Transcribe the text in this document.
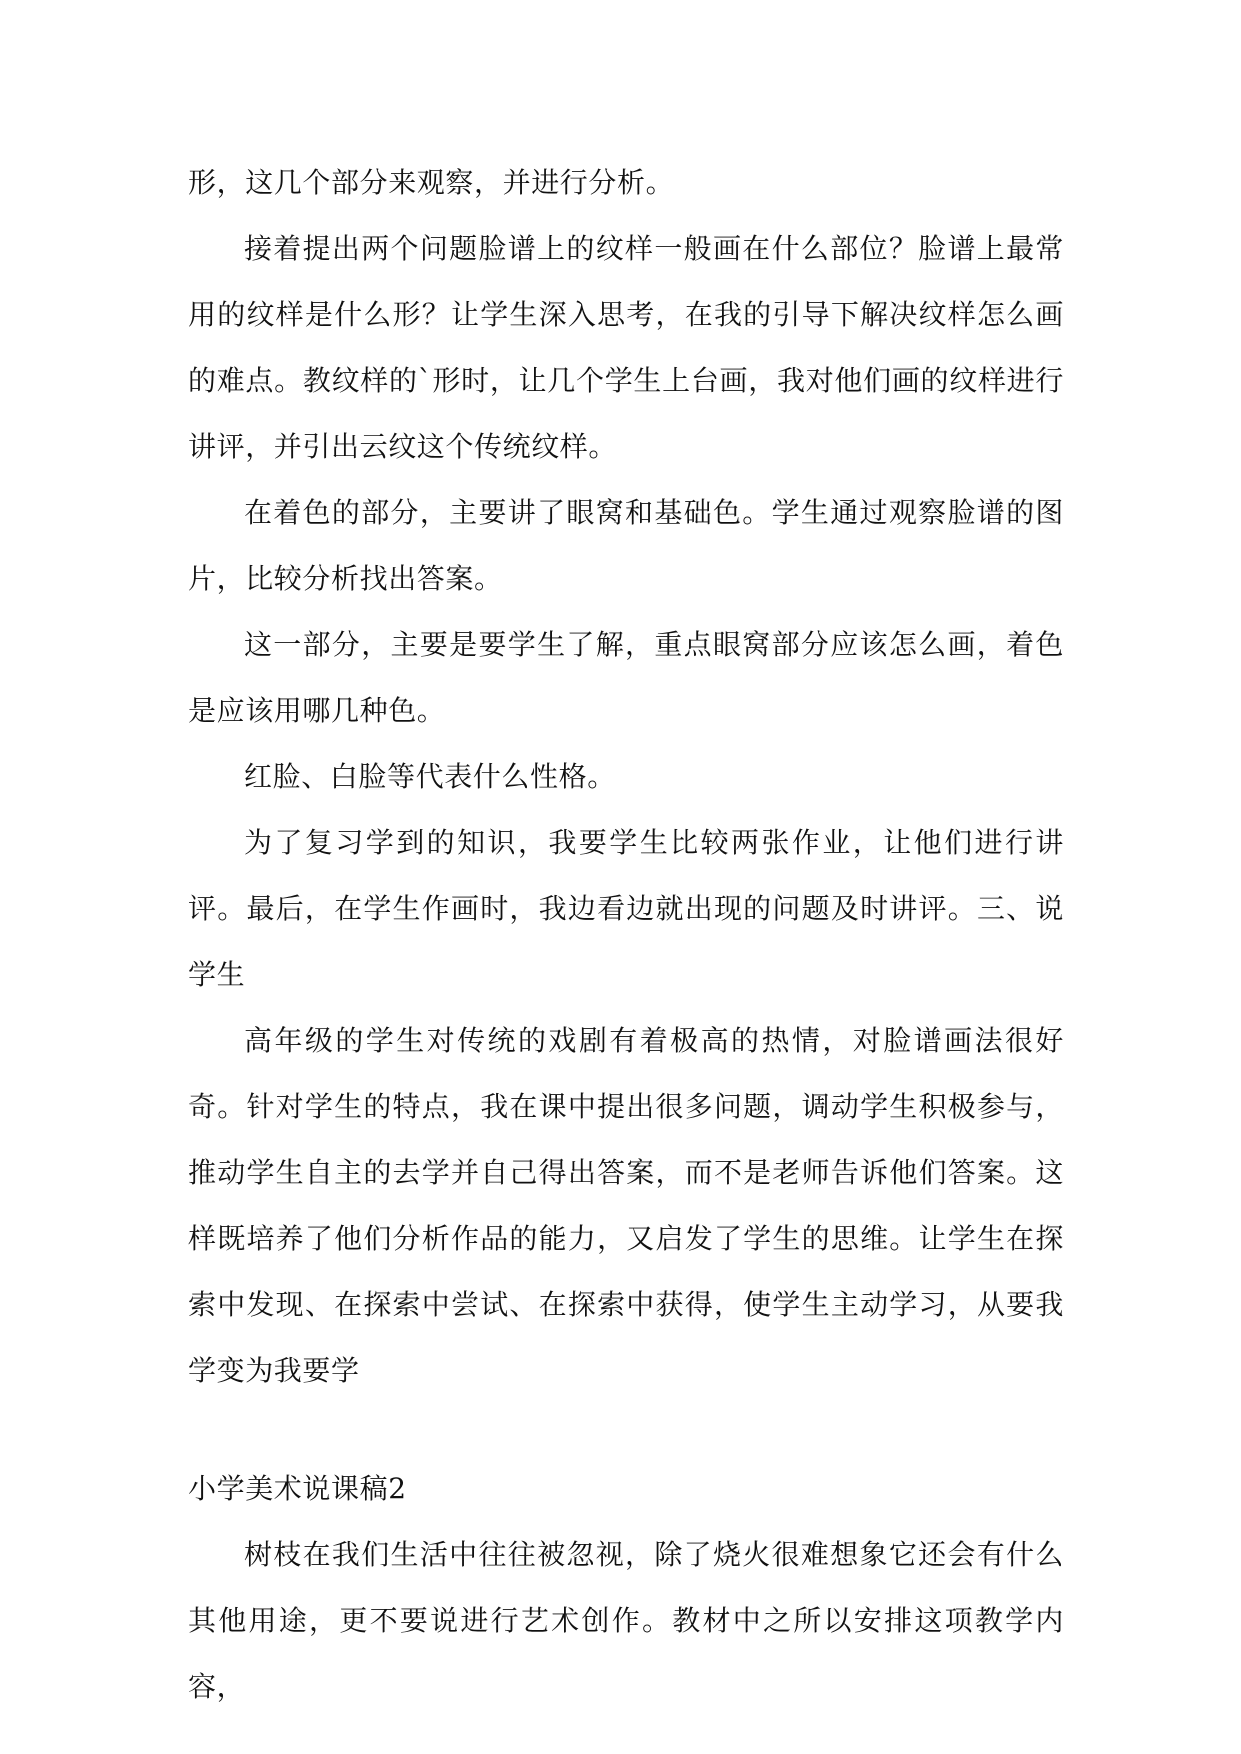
形，这几个部分来观察，并进行分析。

接着提出两个问题脸谱上的纹样一般画在什么部位？脸谱上最常用的纹样是什么形？让学生深入思考，在我的引导下解决纹样怎么画的难点。教纹样的`形时，让几个学生上台画，我对他们画的纹样进行讲评，并引出云纹这个传统纹样。

在着色的部分，主要讲了眼窝和基础色。学生通过观察脸谱的图片，比较分析找出答案。

这一部分，主要是要学生了解，重点眼窝部分应该怎么画，着色是应该用哪几种色。

红脸、白脸等代表什么性格。

为了复习学到的知识，我要学生比较两张作业，让他们进行讲评。最后，在学生作画时，我边看边就出现的问题及时讲评。三、说学生

高年级的学生对传统的戏剧有着极高的热情，对脸谱画法很好奇。针对学生的特点，我在课中提出很多问题，调动学生积极参与，推动学生自主的去学并自己得出答案，而不是老师告诉他们答案。这样既培养了他们分析作品的能力，又启发了学生的思维。让学生在探索中发现、在探索中尝试、在探索中获得，使学生主动学习，从要我学变为我要学

小学美术说课稿2

树枝在我们生活中往往被忽视，除了烧火很难想象它还会有什么其他用途，更不要说进行艺术创作。教材中之所以安排这项教学内容，
